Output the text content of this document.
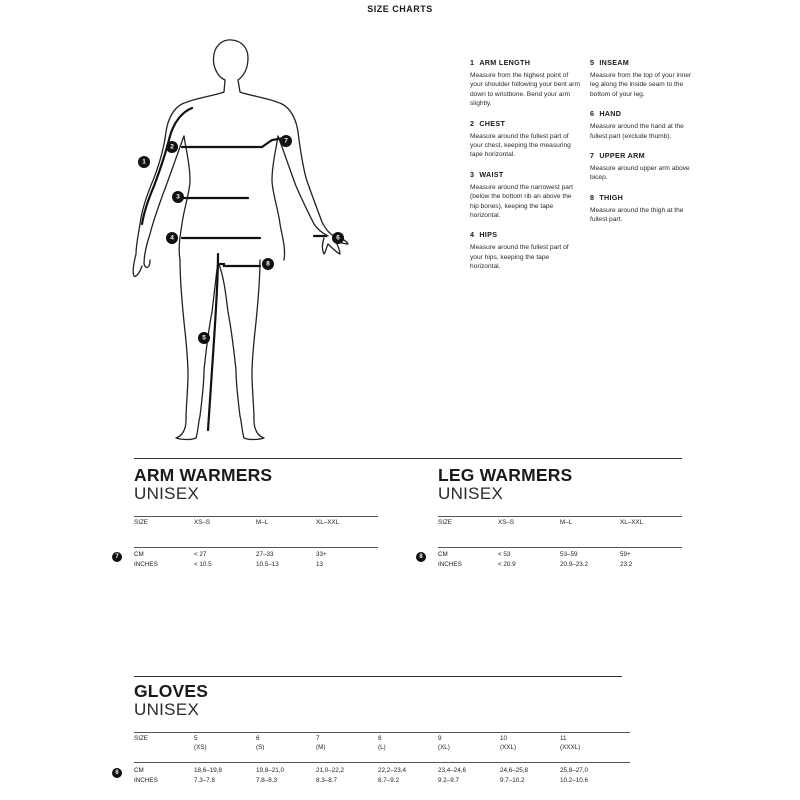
SIZE CHARTS
1
2
3
4
5
6
7
8
1 ARM LENGTH
Measure from the highest point of your shoulder following your bent arm down to wristbone. Bend your arm slightly.
2 CHEST
Measure around the fullest part of your chest, keeping the measuring tape horizontal.
3 WAIST
Measure around the narrowest part (below the bottom rib an above the hip bones), keeping the tape horizontal.
4 HIPS
Measure around the fullest part of your hips, keeping the tape horizontal.
5 INSEAM
Measure from the top of your inner leg along the inside seam to the bottom of your leg.
6 HAND
Measure around the hand at the fullest part (exclude thumb).
7 UPPER ARM
Measure around upper arm above bicep.
8 THIGH
Measure around the thigh at the fullest part.
ARM WARMERS
UNISEX
SIZE	XS–S	M–L	XL–XXL
7	CM	< 27	27–33	33+
INCHES	< 10.5	10.5–13	13
LEG WARMERS
UNISEX
SIZE	XS–S	M–L	XL–XXL
8	CM	< 53	53–59	59+
INCHES	< 20.9	20.9–23.2	23.2
GLOVES
UNISEX
SIZE	5	6	7	8	9	10	11
(XS)	(S)	(M)	(L)	(XL)	(XXL)	(XXXL)
6	CM	18,6–19,8	19,8–21,0	21,0–22,2	22,2–23,4	23,4–24,6	24,6–25,8	25,8–27,0
INCHES	7.3–7.8	7.8–8.3	8.3–8.7	8.7–9.2	9.2–9.7	9.7–10.2	10.2–10.6
